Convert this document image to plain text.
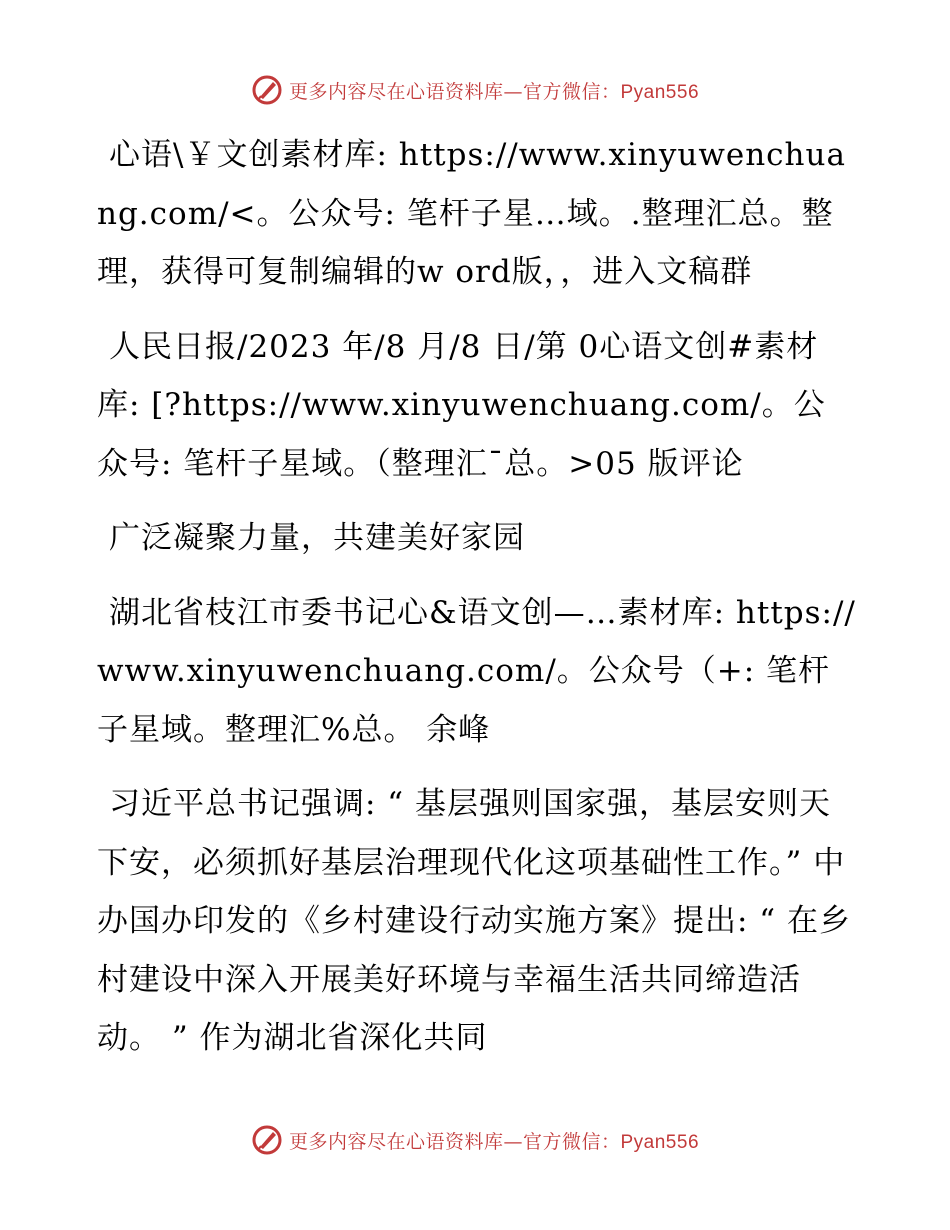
更多内容尽在心语资料库—官方微信：Pyan556

心语\￥文创素材库: https://www.xinyuwenchuang.com/<。公众号: 笔杆子星…域。.整理汇总。整理，获得可复制编辑的w ord版，，进入文稿群

人民日报/2023 年/8 月/8 日/第 0心语文创#素材库: [?https://www.xinyuwenchuang.com/。公众号: 笔杆子星域。（整理汇¯总。>05 版评论

广泛凝聚力量，共建美好家园

湖北省枝江市委书记心&语文创—…素材库: https://www.xinyuwenchuang.com/。公众号（+: 笔杆子星域。整理汇%总。 余峰

习近平总书记强调: “ 基层强则国家强，基层安则天下安，必须抓好基层治理现代化这项基础性工作。” 中办国办印发的《乡村建设行动实施方案》提出: “ 在乡村建设中深入开展美好环境与幸福生活共同缔造活动。 ” 作为湖北省深化共同

更多内容尽在心语资料库—官方微信：Pyan556
